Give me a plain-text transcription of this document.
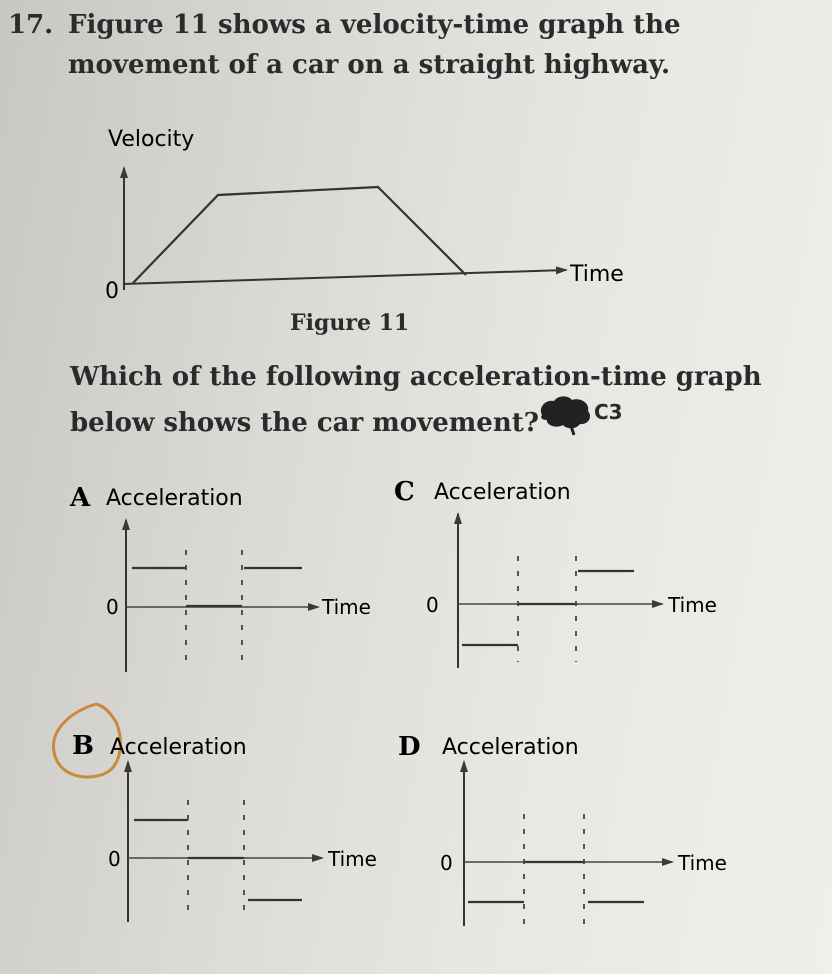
17. Figure 11 shows a velocity-time graph the
movement of a car on a straight highway.
0
Velocity
Time
A Acceleration
0	Time
C Acceleration
0	Time
B Acceleration
0	Time
D Acceleration
0	Time
Figure 11
Which of the following acceleration-time graph
below shows the car movement?	C3
